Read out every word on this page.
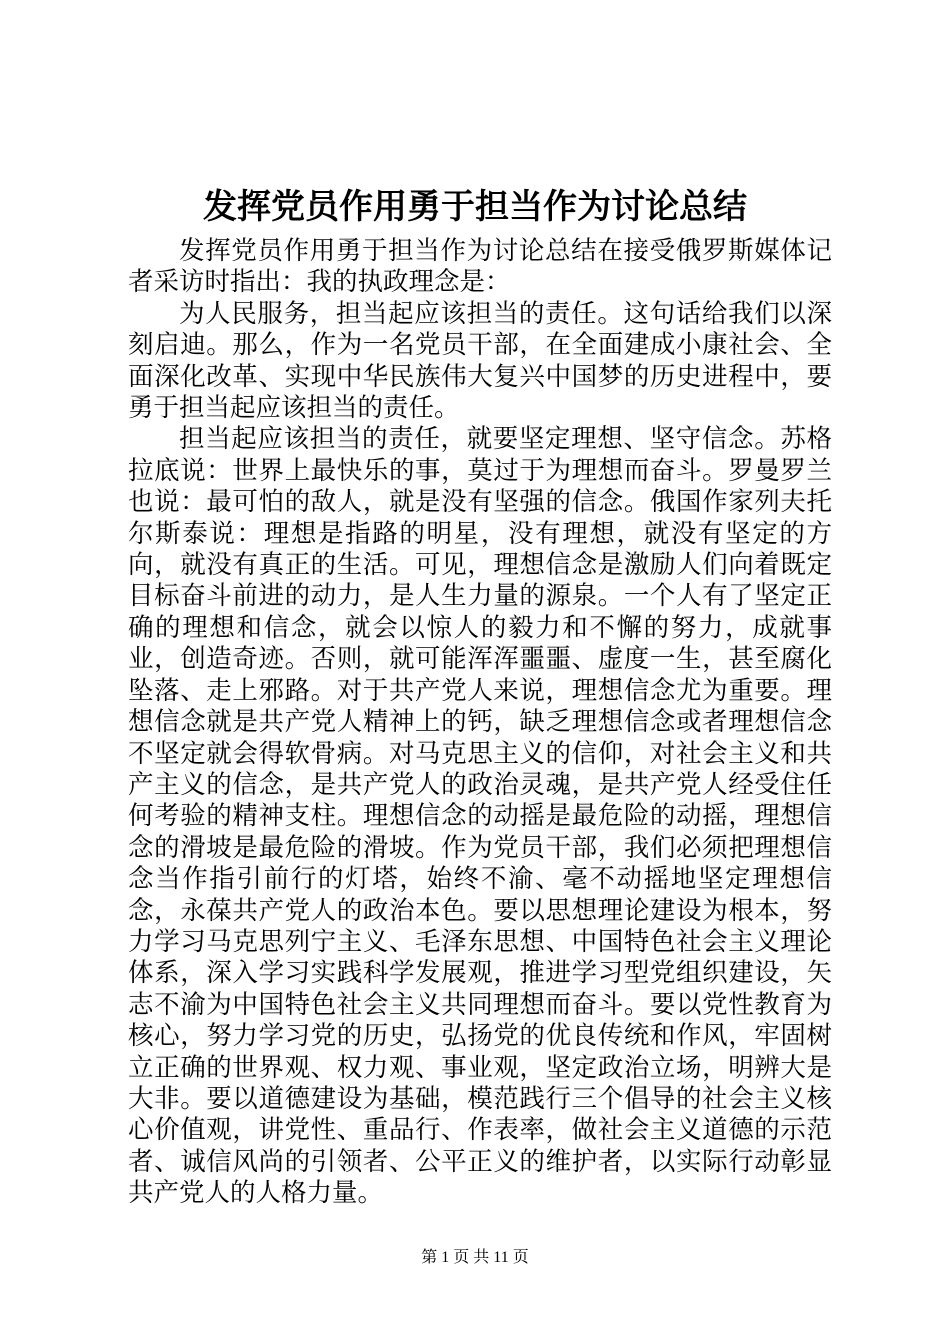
发挥党员作用勇于担当作为讨论总结

发挥党员作用勇于担当作为讨论总结在接受俄罗斯媒体记者采访时指出：我的执政理念是：

为人民服务，担当起应该担当的责任。这句话给我们以深刻启迪。那么，作为一名党员干部，在全面建成小康社会、全面深化改革、实现中华民族伟大复兴中国梦的历史进程中，要勇于担当起应该担当的责任。

担当起应该担当的责任，就要坚定理想、坚守信念。苏格拉底说：世界上最快乐的事，莫过于为理想而奋斗。罗曼罗兰也说：最可怕的敌人，就是没有坚强的信念。俄国作家列夫托尔斯泰说：理想是指路的明星，没有理想，就没有坚定的方向，就没有真正的生活。可见，理想信念是激励人们向着既定目标奋斗前进的动力，是人生力量的源泉。一个人有了坚定正确的理想和信念，就会以惊人的毅力和不懈的努力，成就事业，创造奇迹。否则，就可能浑浑噩噩、虚度一生，甚至腐化坠落、走上邪路。对于共产党人来说，理想信念尤为重要。理想信念就是共产党人精神上的钙，缺乏理想信念或者理想信念不坚定就会得软骨病。对马克思主义的信仰，对社会主义和共产主义的信念，是共产党人的政治灵魂，是共产党人经受住任何考验的精神支柱。理想信念的动摇是最危险的动摇，理想信念的滑坡是最危险的滑坡。作为党员干部，我们必须把理想信念当作指引前行的灯塔，始终不渝、毫不动摇地坚定理想信念，永葆共产党人的政治本色。要以思想理论建设为根本，努力学习马克思列宁主义、毛泽东思想、中国特色社会主义理论体系，深入学习实践科学发展观，推进学习型党组织建设，矢志不渝为中国特色社会主义共同理想而奋斗。要以党性教育为核心，努力学习党的历史，弘扬党的优良传统和作风，牢固树立正确的世界观、权力观、事业观，坚定政治立场，明辨大是大非。要以道德建设为基础，模范践行三个倡导的社会主义核心价值观，讲党性、重品行、作表率，做社会主义道德的示范者、诚信风尚的引领者、公平正义的维护者，以实际行动彰显共产党人的人格力量。

第 1 页 共 11 页
